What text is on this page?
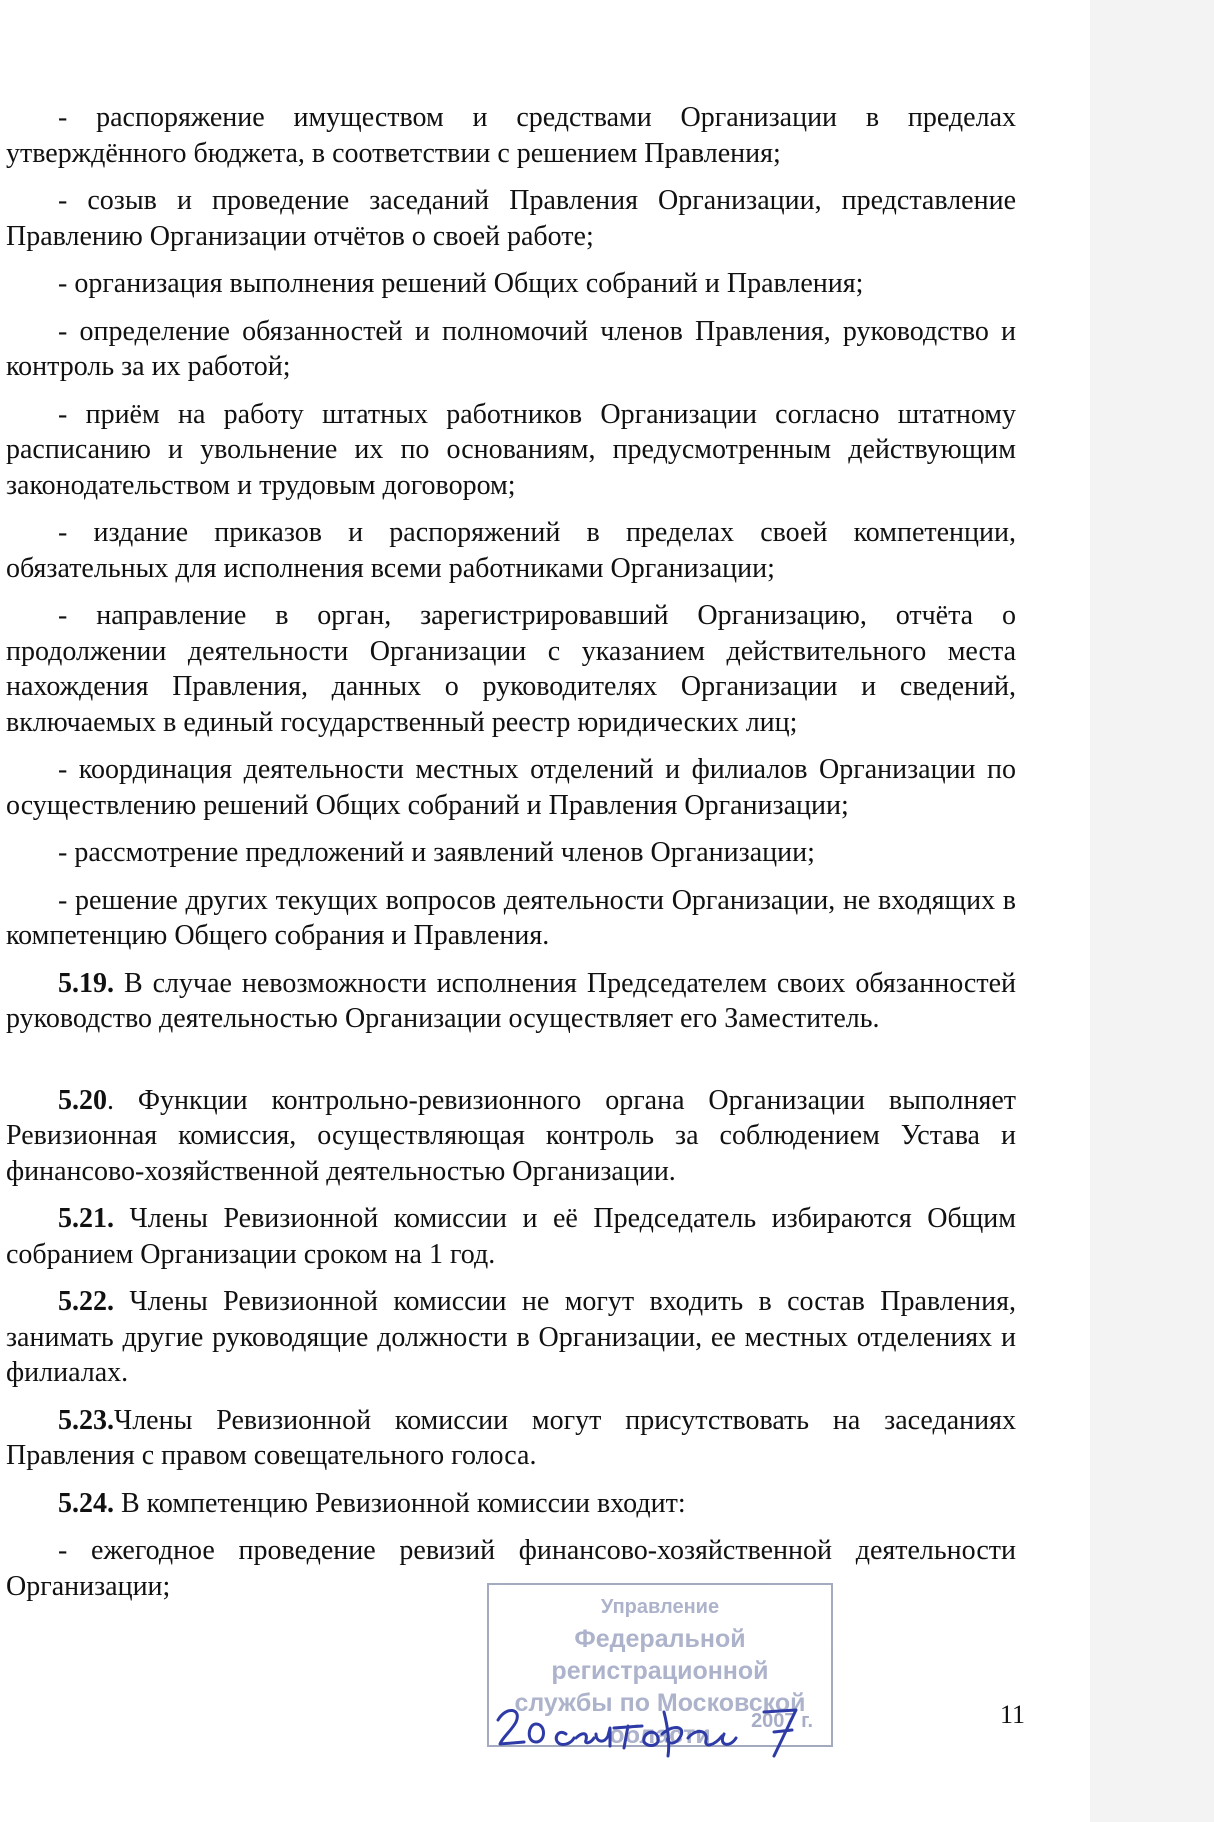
- распоряжение имуществом и средствами Организации в пределах утверждённого бюджета, в соответствии с решением Правления;

- созыв и проведение заседаний Правления Организации, представление Правлению Организации отчётов о своей работе;

- организация выполнения решений Общих собраний и Правления;

- определение обязанностей и полномочий членов Правления, руководство и контроль за их работой;

- приём на работу штатных работников Организации согласно штатному расписанию и увольнение их по основаниям, предусмотренным действующим законодательством и трудовым договором;

- издание приказов и распоряжений в пределах своей компетенции, обязательных для исполнения всеми работниками Организации;

- направление в орган, зарегистрировавший Организацию, отчёта о продолжении деятельности Организации с указанием действительного места нахождения Правления, данных о руководителях Организации и сведений, включаемых в единый государственный реестр юридических лиц;

- координация деятельности местных отделений и филиалов Организации по осуществлению решений Общих собраний и Правления Организации;

- рассмотрение предложений и заявлений членов Организации;

- решение других текущих вопросов деятельности Организации, не входящих в компетенцию Общего собрания и Правления.

5.19. В случае невозможности исполнения Председателем своих обязанностей руководство деятельностью Организации осуществляет его Заместитель.

5.20. Функции контрольно-ревизионного органа Организации выполняет Ревизионная комиссия, осуществляющая контроль за соблюдением Устава и финансово-хозяйственной деятельностью Организации.

5.21. Члены Ревизионной комиссии и её Председатель избираются Общим собранием Организации сроком на 1 год.

5.22. Члены Ревизионной комиссии не могут входить в состав Правления, занимать другие руководящие должности в Организации, ее местных отделениях и филиалах.

5.23.Члены Ревизионной комиссии могут присутствовать на заседаниях Правления с правом совещательного голоса.

5.24. В компетенцию Ревизионной комиссии входит:

- ежегодное проведение ревизий финансово-хозяйственной деятельности Организации;

Управление
Федеральной регистрационной
службы по Московской области	2007 г.	11
